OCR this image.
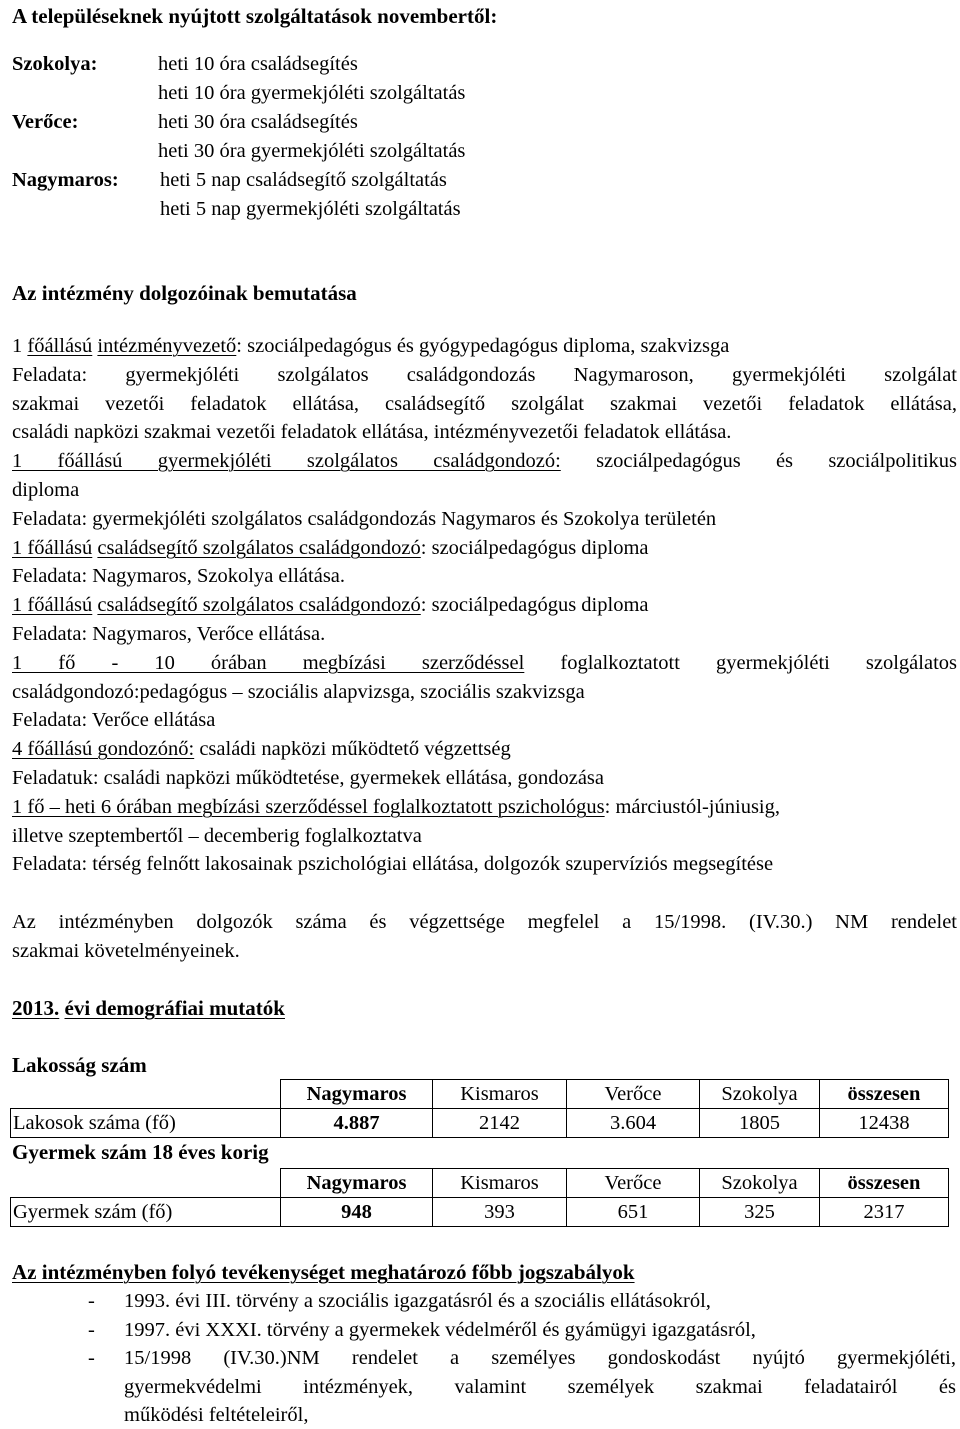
A településeknek nyújtott szolgáltatások novembertől:
Szokolya:	heti 10 óra családsegítés
heti 10 óra gyermekjóléti szolgáltatás
Verőce:	heti 30 óra családsegítés
heti 30 óra gyermekjóléti szolgáltatás
Nagymaros: heti 5 nap családsegítő szolgáltatás
heti 5 nap gyermekjóléti szolgáltatás
Az intézmény dolgozóinak bemutatása
1 főállású intézményvezető: szociálpedagógus és gyógypedagógus diploma, szakvizsga
Feladata: gyermekjóléti szolgálatos családgondozás Nagymaroson, gyermekjóléti szolgálat
szakmai vezetői feladatok ellátása, családsegítő szolgálat szakmai vezetői feladatok ellátása,
családi napközi szakmai vezetői feladatok ellátása, intézményvezetői feladatok ellátása.
1 főállású gyermekjóléti szolgálatos családgondozó: szociálpedagógus és szociálpolitikus
diploma
Feladata: gyermekjóléti szolgálatos családgondozás Nagymaros és Szokolya területén
1 főállású családsegítő szolgálatos családgondozó: szociálpedagógus diploma
Feladata: Nagymaros, Szokolya ellátása.
1 főállású családsegítő szolgálatos családgondozó: szociálpedagógus diploma
Feladata: Nagymaros, Verőce ellátása.
1 fő - 10 órában megbízási szerződéssel foglalkoztatott gyermekjóléti szolgálatos
családgondozó:pedagógus – szociális alapvizsga, szociális szakvizsga
Feladata: Verőce ellátása
4 főállású gondozónő: családi napközi működtető végzettség
Feladatuk: családi napközi működtetése, gyermekek ellátása, gondozása
1 fő – heti 6 órában megbízási szerződéssel foglalkoztatott pszichológus: márciustól-júniusig,
illetve szeptembertől – decemberig foglalkoztatva
Feladata: térség felnőtt lakosainak pszichológiai ellátása, dolgozók szupervíziós megsegítése
Az intézményben dolgozók száma és végzettsége megfelel a 15/1998. (IV.30.) NM rendelet
szakmai követelményeinek.
2013. évi demográfiai mutatók
Lakosság szám
	Nagymaros	Kismaros	Verőce	Szokolya	összesen
Lakosok száma (fő)	4.887	2142	3.604	1805	12438
Gyermek szám 18 éves korig
	Nagymaros	Kismaros	Verőce	Szokolya	összesen
Gyermek szám (fő)	948	393	651	325	2317
Az intézményben folyó tevékenységet meghatározó főbb jogszabályok
-	1993. évi III. törvény a szociális igazgatásról és a szociális ellátásokról,
-	1997. évi XXXI. törvény a gyermekek védelméről és gyámügyi igazgatásról,
-	15/1998 (IV.30.)NM rendelet a személyes gondoskodást nyújtó gyermekjóléti,
gyermekvédelmi intézmények, valamint személyek szakmai feladatairól és
működési feltételeiről,
